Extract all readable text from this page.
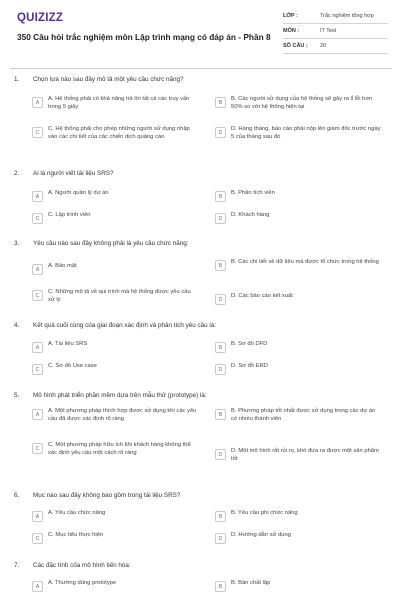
QUIZIZZ
350 Câu hỏi trắc nghiệm môn Lập trình mạng có đáp án - Phần 8
LỚP :	Trắc nghiệm tổng hợp
MÔN :	IT Test
SỐ CÂU :	20
1. Chọn lựa nào sau đây mô tả một yêu cầu chức năng?
A
A. Hệ thống phải có khả năng trả lời tất cả các truy vấn trong 5 giây
B
B. Các người sử dụng của hệ thống sẽ gây ra lỉ lỗi hơn 50% so với hệ thống hiện tại
C
C. Hệ thống phải cho phép những người sử dụng nhập vào các chi tiết của các chiến dịch quảng cáo
D
D. Hàng tháng, báo cáo phải nộp lên giám đốc trước ngày 5 của tháng sau đó
2. Ai là người viết tài liệu SRS?
A
A. Người quản lý dự án
B
B. Phân tích viên
C
C. Lập trình viên
D
D. Khách hàng
3. Yêu cầu nào sau đây không phải là yêu cầu chức năng:
A
A. Bảo mật	B
B. Các chi tiết về dữ liệu mà được tổ chức trong hệ thống
C
C. Những mô tả về qui trình mà hệ thống được yêu cầu xử lý	D
D. Các báo cáo kết xuất
4. Kết quả cuối cùng của giai đoạn xác định và phân tích yêu cầu là:
A
A. Tài liệu SRS
B
B. Sơ đồ DFD
C
C. Sơ đồ Use case
D
D. Sơ đồ ERD
5. Mô hình phát triển phần mềm dựa trên mẫu thử (prototype) là:
A
A. Một phương pháp thích hợp được sử dụng khi các yêu cầu đã được xác định rõ ràng
B
B. Phương pháp tốt nhất được sử dụng trong các dự án có nhiều thành viên
C
C. Một phương pháp hữu ích khi khách hàng không thể xác định yêu cầu một cách rõ ràng	D
D. Một mô hình rất rủi ro, khó đưa ra được một sản phẩm tốt
6. Mục nào sau đây không bao gồm trong tài liệu SRS?
A
A. Yêu cầu chức năng
B
B. Yêu cầu phi chức năng
C
C. Mục tiêu thực hiện
D
D. Hướng dẫn sử dụng
7. Các đặc tính của mô hình tiến hóa:
A
A. Thường dùng prototype
B
B. Bản chất lặp
